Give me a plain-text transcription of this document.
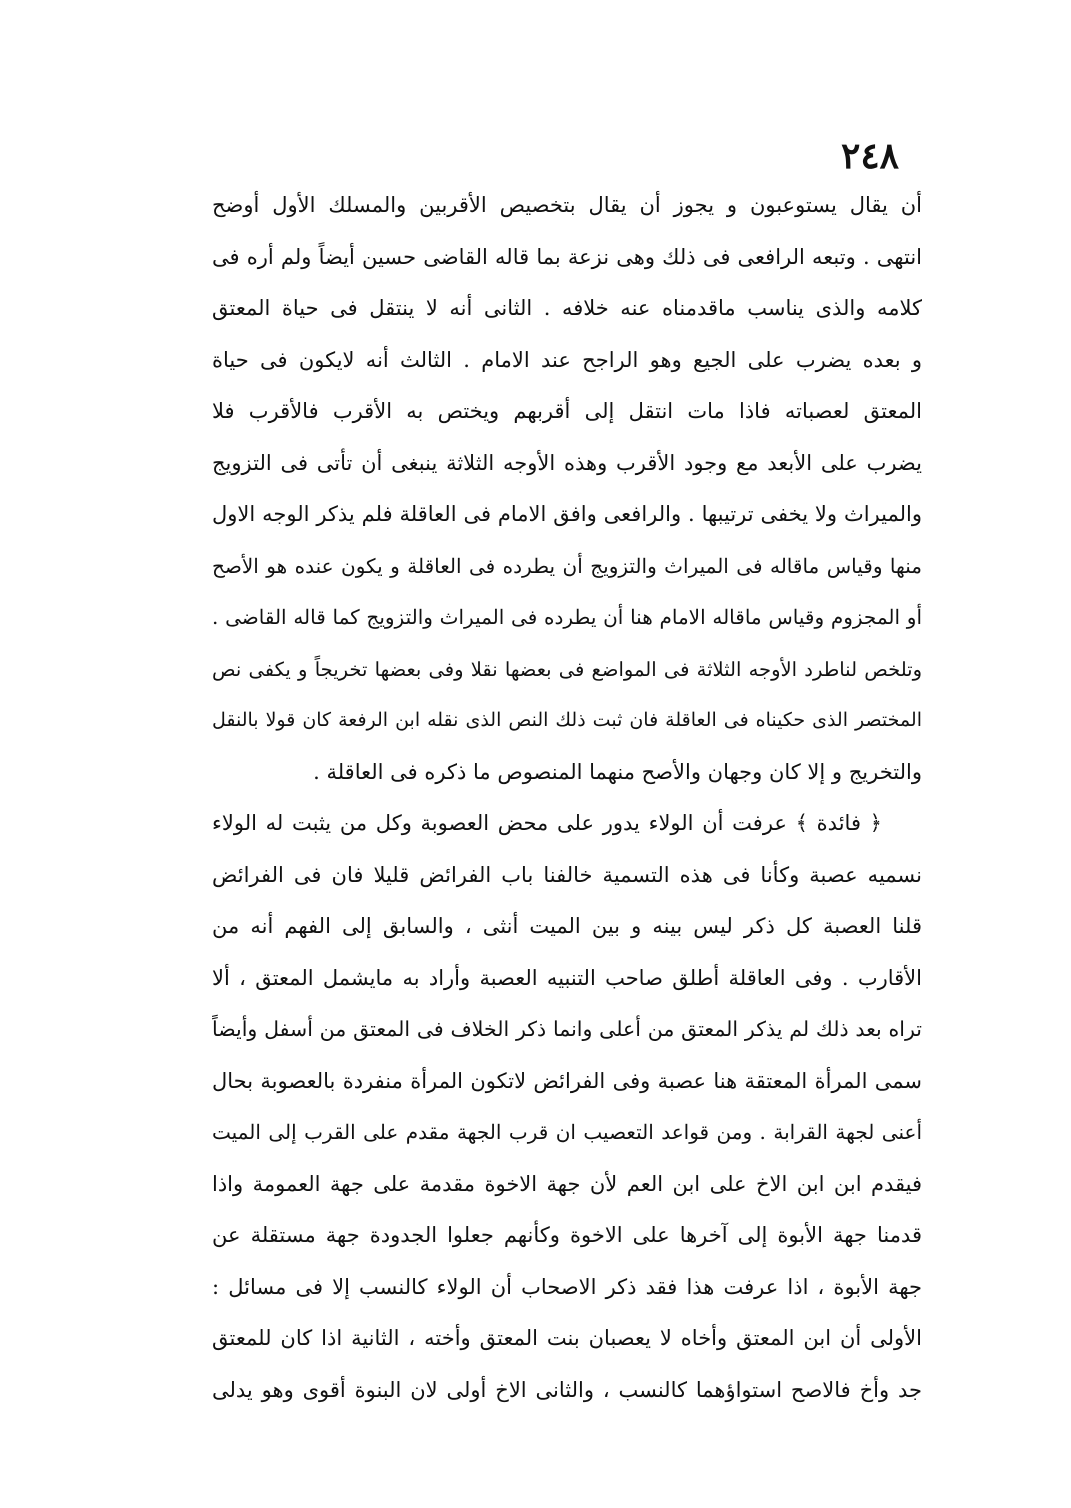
٢٤٨
أن يقال يستوعبون و يجوز أن يقال بتخصيص الأقربين والمسلك الأول أوضح
انتهى . وتبعه الرافعى فى ذلك وهى نزعة بما قاله القاضى حسين أيضاً ولم أره فى
كلامه والذى يناسب ماقدمناه عنه خلافه . الثانى أنه لا ينتقل فى حياة المعتق
و بعده يضرب على الجيع وهو الراجح عند الامام . الثالث أنه لايكون فى حياة
المعتق لعصباته فاذا مات انتقل إلى أقربهم ويختص به الأقرب فالأقرب فلا
يضرب على الأبعد مع وجود الأقرب وهذه الأوجه الثلاثة ينبغى أن تأتى فى التزويج
والميراث ولا يخفى ترتيبها . والرافعى وافق الامام فى العاقلة فلم يذكر الوجه الاول
منها وقياس ماقاله فى الميراث والتزويج أن يطرده فى العاقلة و يكون عنده هو الأصح
أو المجزوم وقياس ماقاله الامام هنا أن يطرده فى الميراث والتزويج كما قاله القاضى .
وتلخص لناطرد الأوجه الثلاثة فى المواضع فى بعضها نقلا وفى بعضها تخريجاً و يكفى نص
المختصر الذى حكيناه فى العاقلة فان ثبت ذلك النص الذى نقله ابن الرفعة كان قولا بالنقل
والتخريج و إلا كان وجهان والأصح منهما المنصوص ما ذكره فى العاقلة .
﴿ فائدة ﴾ عرفت أن الولاء يدور على محض العصوبة وكل من يثبت له الولاء
نسميه عصبة وكأنا فى هذه التسمية خالفنا باب الفرائض قليلا فان فى الفرائض
قلنا العصبة كل ذكر ليس بينه و بين الميت أنثى ، والسابق إلى الفهم أنه من
الأقارب . وفى العاقلة أطلق صاحب التنبيه العصبة وأراد به مايشمل المعتق ، ألا
تراه بعد ذلك لم يذكر المعتق من أعلى وانما ذكر الخلاف فى المعتق من أسفل وأيضاً
سمى المرأة المعتقة هنا عصبة وفى الفرائض لاتكون المرأة منفردة بالعصوبة بحال
أعنى لجهة القرابة . ومن قواعد التعصيب ان قرب الجهة مقدم على القرب إلى الميت
فيقدم ابن ابن الاخ على ابن العم لأن جهة الاخوة مقدمة على جهة العمومة واذا
قدمنا جهة الأبوة إلى آخرها على الاخوة وكأنهم جعلوا الجدودة جهة مستقلة عن
جهة الأبوة ، اذا عرفت هذا فقد ذكر الاصحاب أن الولاء كالنسب إلا فى مسائل :
الأولى أن ابن المعتق وأخاه لا يعصبان بنت المعتق وأخته ، الثانية اذا كان للمعتق
جد وأخ فالاصح استواؤهما كالنسب ، والثانى الاخ أولى لان البنوة أقوى وهو يدلى
